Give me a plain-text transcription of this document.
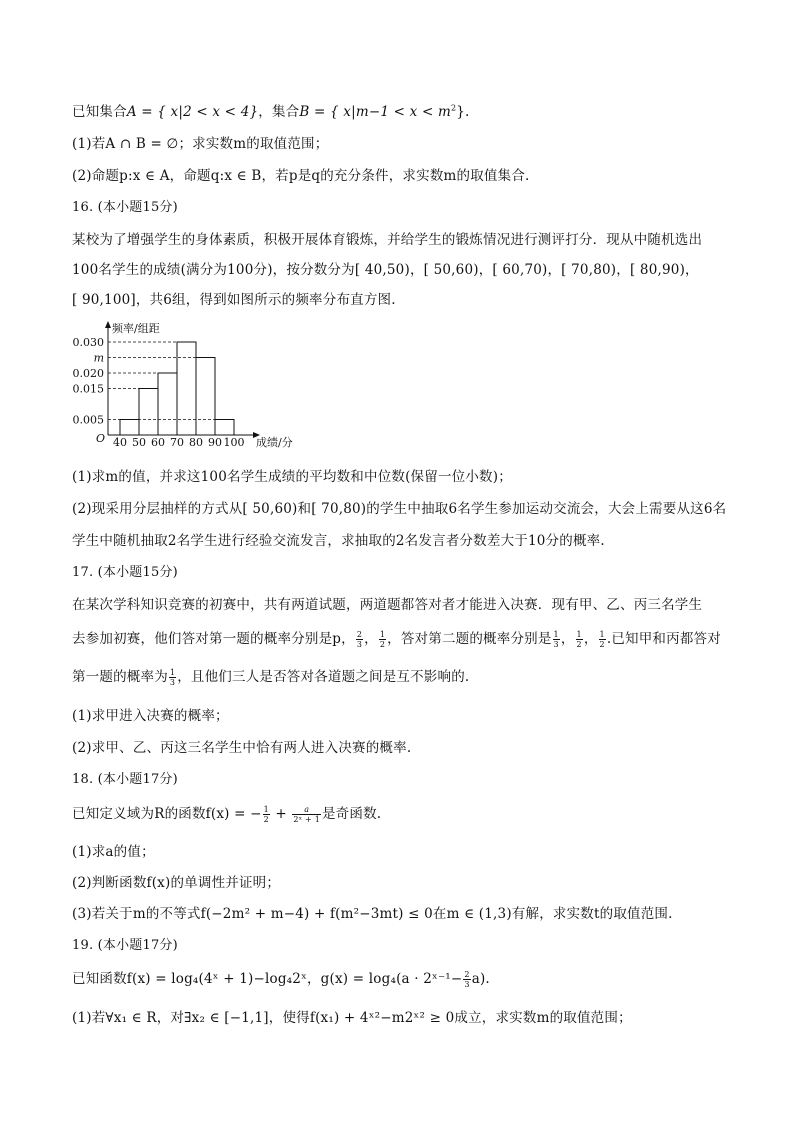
已知集合A = { x|2 < x < 4}，集合B = { $x|m-1 < x < m^2$}.
(1)若A ∩ B = ∅；求实数m的取值范围；
(2)命题p:x ∈ A，命题q:x ∈ B，若p是q的充分条件，求实数m的取值集合.
16. (本小题15分)
某校为了增强学生的身体素质，积极开展体育锻炼，并给学生的锻炼情况进行测评打分．现从中随机选出
100名学生的成绩(满分为100分)，按分数分为[ 40,50)，[ 50,60)，[ 60,70)，[ 70,80)，[ 80,90)，
[ 90,100]，共6组，得到如图所示的频率分布直方图.
频率/组距
成绩/分
O
0.030
m
0.020
0.015
0.005
40 50 60 70 80 90 100
(1)求m的值，并求这100名学生成绩的平均数和中位数(保留一位小数)；
(2)现采用分层抽样的方式从[ 50,60)和[ 70,80)的学生中抽取6名学生参加运动交流会，大会上需要从这6名
学生中随机抽取2名学生进行经验交流发言，求抽取的2名发言者分数差大于10分的概率.
17. (本小题15分)
在某次学科知识竞赛的初赛中，共有两道试题，两道题都答对者才能进入决赛．现有甲、乙、丙三名学生
去参加初赛，他们答对第一题的概率分别是p， $\frac{2}{3}$ ， $\frac{1}{2}$ ，答对第二题的概率分别是 $\frac{1}{3}$ ， $\frac{1}{2}$ ， $\frac{1}{2}$ .已知甲和丙都答对
第一题的概率为 $\frac{1}{3}$ ，且他们三人是否答对各道题之间是互不影响的.
(1)求甲进入决赛的概率；
(2)求甲、乙、丙这三名学生中恰有两人进入决赛的概率.
18. (本小题17分)
已知定义域为R的函数f(x) = − $\frac{1}{2} + \frac{a}{\text{2ˣ + 1}}$ 是奇函数.
(1)求a的值；
(2)判断函数f(x)的单调性并证明；
(3)若关于m的不等式f(−2m² + m−4) + f(m²−3mt) ≤ 0在m ∈ (1,3)有解，求实数t的取值范围.
19. (本小题17分)
已知函数f(x) = log₄(4ˣ + 1)−log₄2ˣ，g(x) = log₄(a · 2ˣ⁻¹− $\frac{2}{3} a$).
(1)若∀x₁ ∈ R，对∃x₂ ∈ [−1,1]，使得f(x₁) + 4ˣ²−m2ˣ² ≥ 0成立，求实数m的取值范围；
